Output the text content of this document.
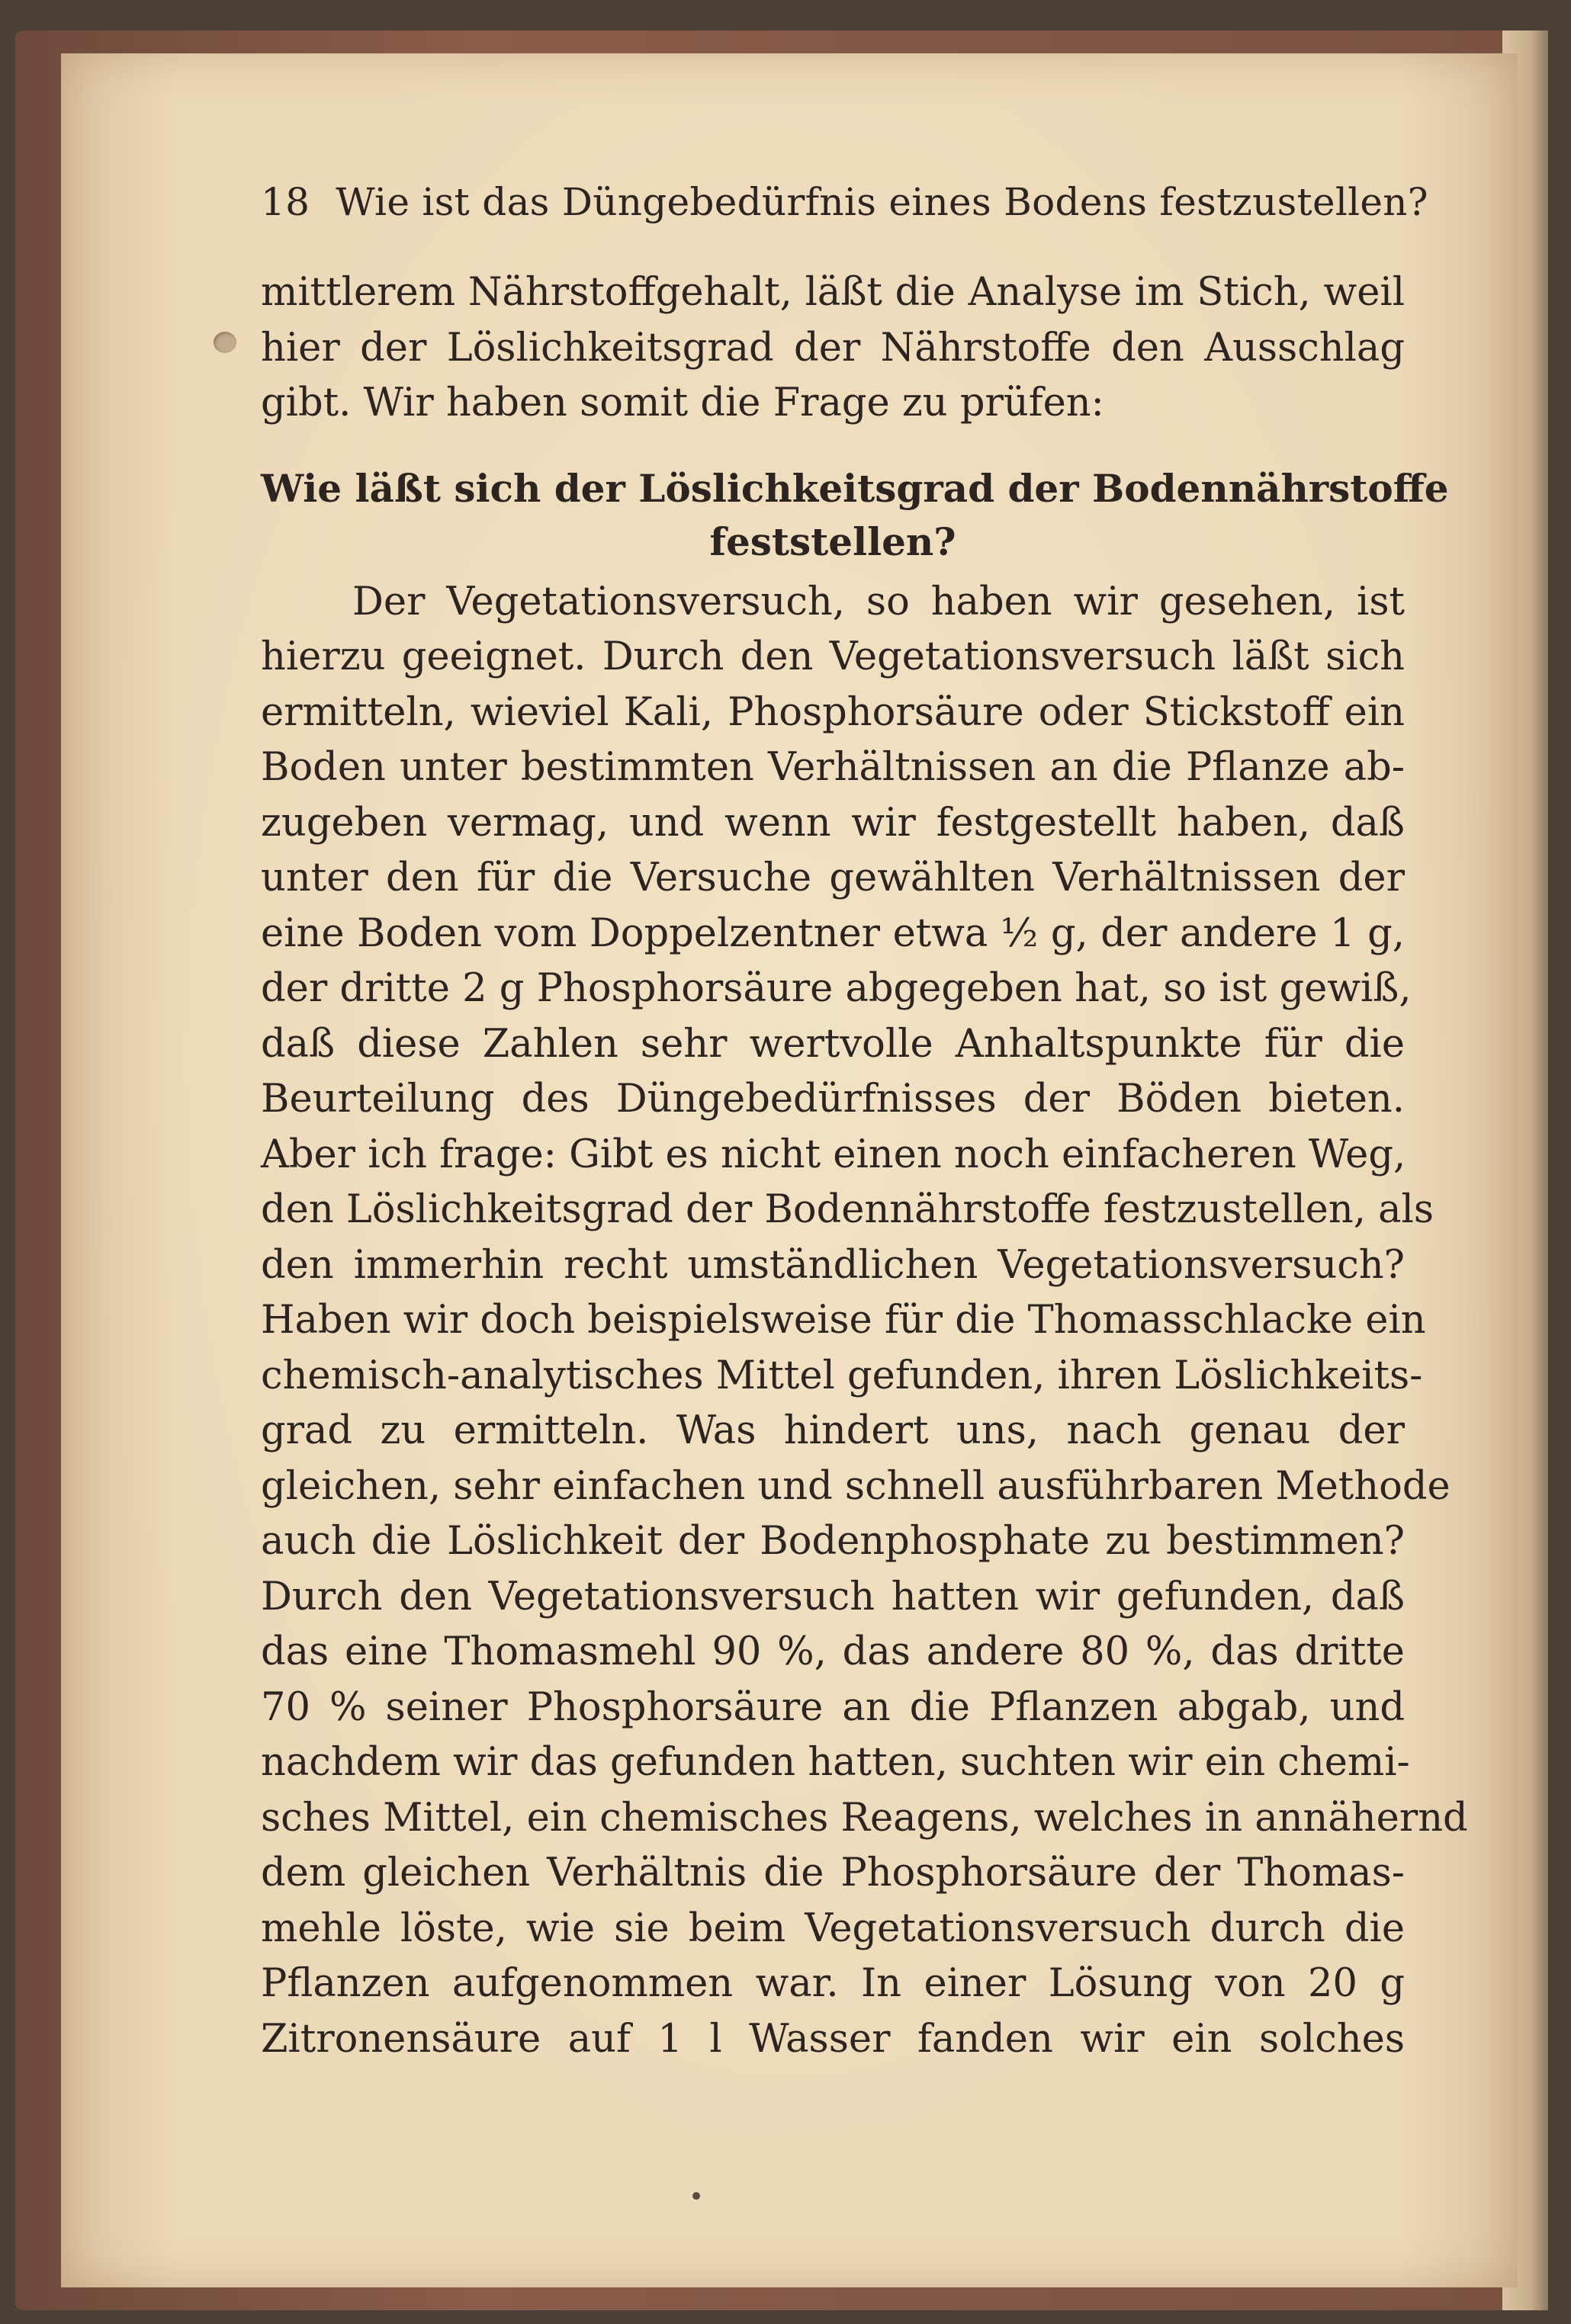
18 Wie ist das Düngebedürfnis eines Bodens festzustellen?
mittlerem Nährstoffgehalt, läßt die Analyse im Stich, weil
hier der Löslichkeitsgrad der Nährstoffe den Ausschlag
gibt. Wir haben somit die Frage zu prüfen:
Wie läßt sich der Löslichkeitsgrad der Bodennährstoffe
feststellen?
Der Vegetationsversuch, so haben wir gesehen, ist
hierzu geeignet. Durch den Vegetationsversuch läßt sich
ermitteln, wieviel Kali, Phosphorsäure oder Stickstoff ein
Boden unter bestimmten Verhältnissen an die Pflanze ab-
zugeben vermag, und wenn wir festgestellt haben, daß
unter den für die Versuche gewählten Verhältnissen der
eine Boden vom Doppelzentner etwa ½ g, der andere 1 g,
der dritte 2 g Phosphorsäure abgegeben hat, so ist gewiß,
daß diese Zahlen sehr wertvolle Anhaltspunkte für die
Beurteilung des Düngebedürfnisses der Böden bieten.
Aber ich frage: Gibt es nicht einen noch einfacheren Weg,
den Löslichkeitsgrad der Bodennährstoffe festzustellen, als
den immerhin recht umständlichen Vegetationsversuch?
Haben wir doch beispielsweise für die Thomasschlacke ein
chemisch-analytisches Mittel gefunden, ihren Löslichkeits-
grad zu ermitteln. Was hindert uns, nach genau der
gleichen, sehr einfachen und schnell ausführbaren Methode
auch die Löslichkeit der Bodenphosphate zu bestimmen?
Durch den Vegetationsversuch hatten wir gefunden, daß
das eine Thomasmehl 90 %, das andere 80 %, das dritte
70 % seiner Phosphorsäure an die Pflanzen abgab, und
nachdem wir das gefunden hatten, suchten wir ein chemi-
sches Mittel, ein chemisches Reagens, welches in annähernd
dem gleichen Verhältnis die Phosphorsäure der Thomas-
mehle löste, wie sie beim Vegetationsversuch durch die
Pflanzen aufgenommen war. In einer Lösung von 20 g
Zitronensäure auf 1 l Wasser fanden wir ein solches
